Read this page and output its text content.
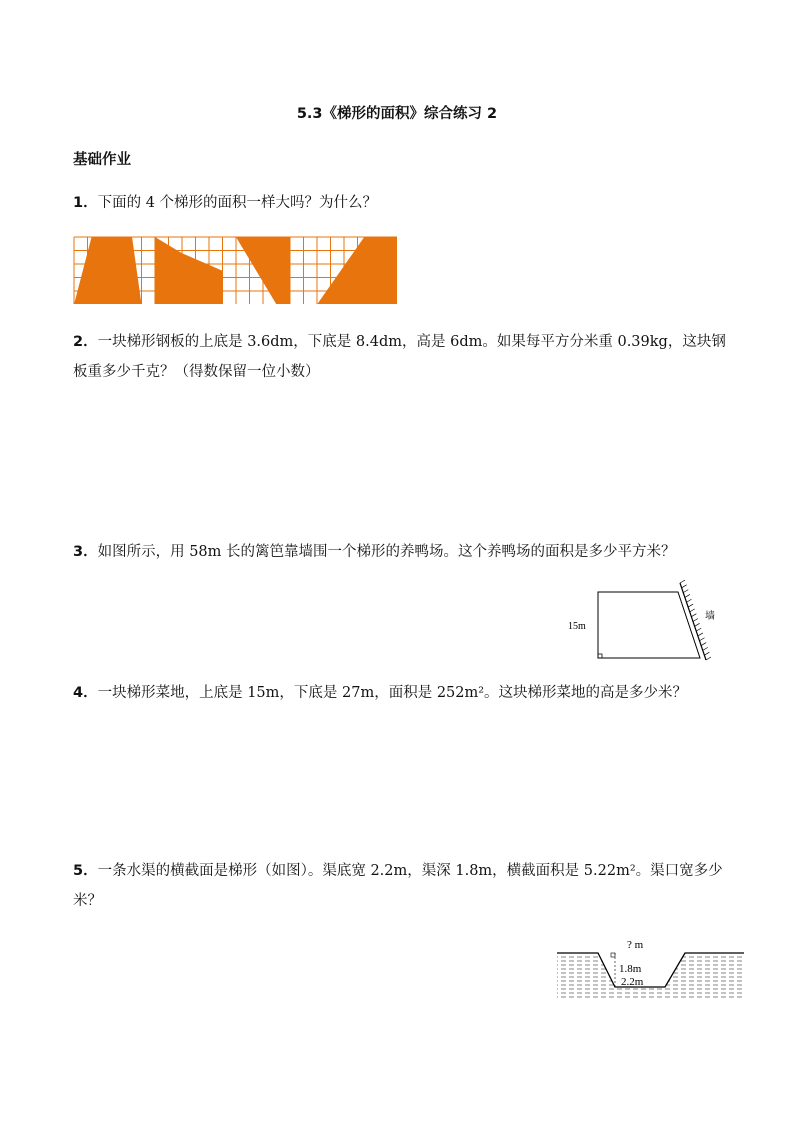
5.3《梯形的面积》综合练习 2
基础作业
1．下面的 4 个梯形的面积一样大吗？为什么？
2．一块梯形钢板的上底是 3.6dm，下底是 8.4dm，高是 6dm。如果每平方分米重 0.39kg，这块钢板重多少千克？（得数保留一位小数）
3．如图所示，用 58m 长的篱笆靠墙围一个梯形的养鸭场。这个养鸭场的面积是多少平方米？
15m
墙
4．一块梯形菜地，上底是 15m，下底是 27m，面积是 252m²。这块梯形菜地的高是多少米？
5．一条水渠的横截面是梯形（如图）。渠底宽 2.2m，渠深 1.8m，横截面积是 5.22m²。渠口宽多少米？
? m
1.8m
2.2m
